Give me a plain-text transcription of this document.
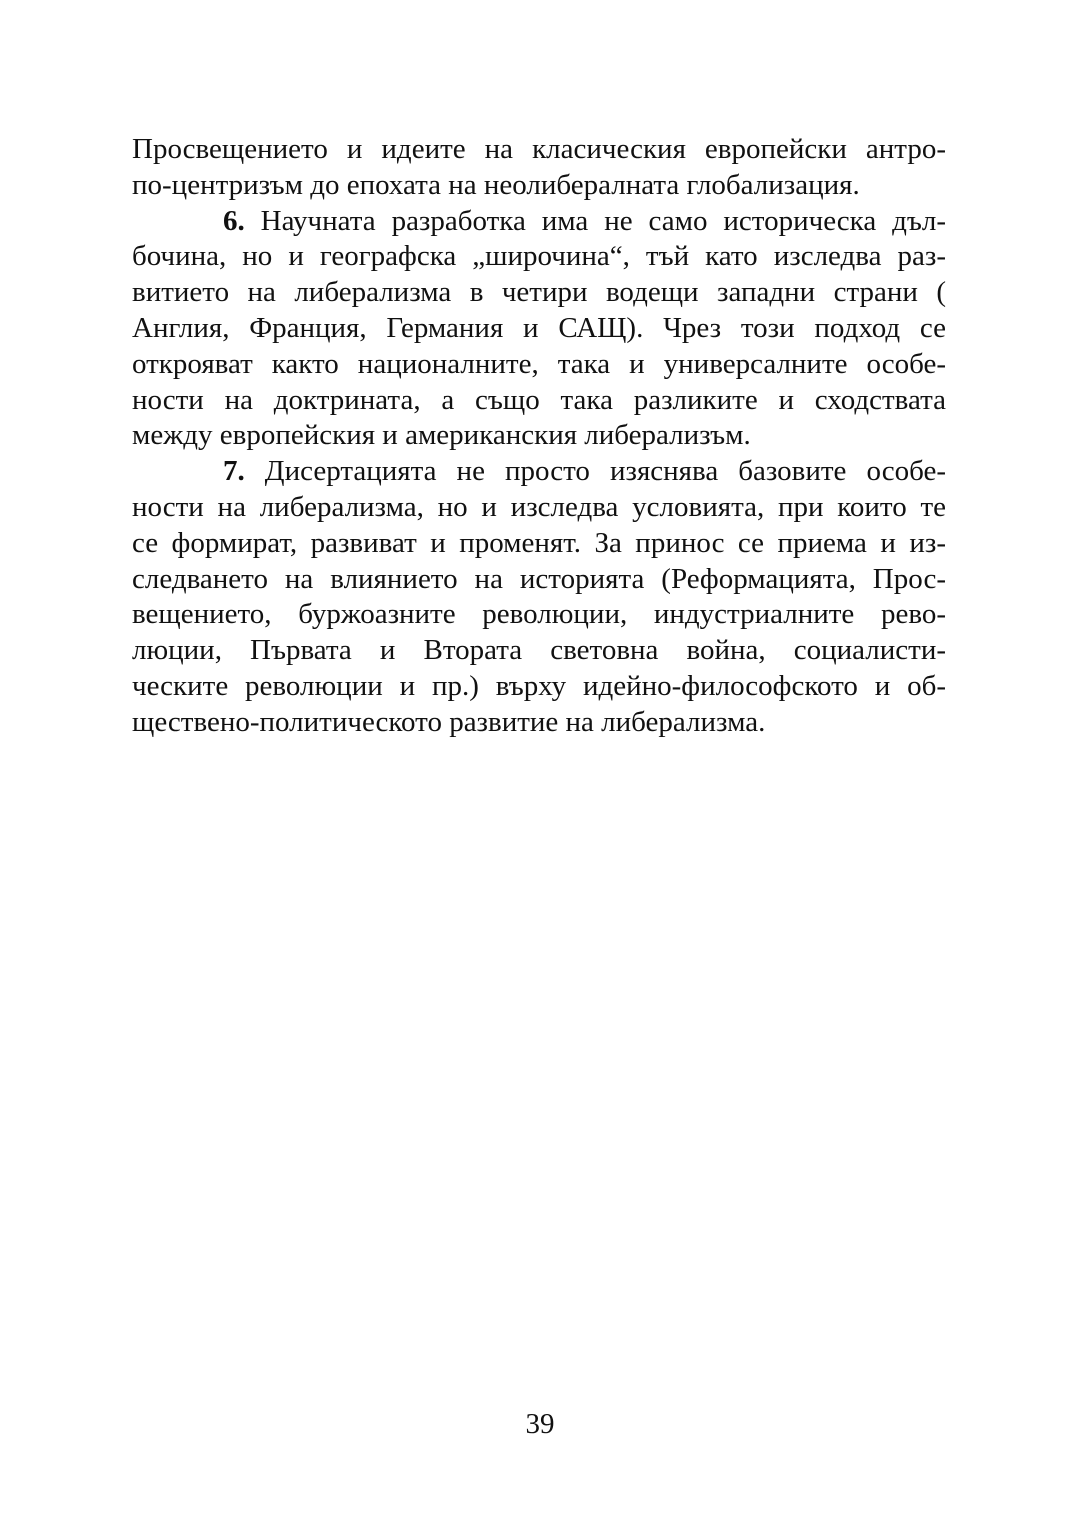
Просвещението и идеите на класическия европейски антро-
по-центризъм до епохата на неолибералната глобализация.
6. Научната разработка има не само историческа дъл-
бочина, но и географска „широчина“, тъй като изследва раз-
витието на либерализма в четири водещи западни страни (
Англия, Франция, Германия и САЩ). Чрез този подход се
открояват както националните, така и универсалните особе-
ности на доктрината, а също така разликите и сходствата
между европейския и американския либерализъм.
7. Дисертацията не просто изяснява базовите особе-
ности на либерализма, но и изследва условията, при които те
се формират, развиват и променят. За принос се приема и из-
следването на влиянието на историята (Реформацията, Прос-
вещението, буржоазните революции, индустриалните рево-
люции, Първата и Втората световна война, социалисти-
ческите революции и пр.) върху идейно-философското и об-
ществено-политическото развитие на либерализма.
39
